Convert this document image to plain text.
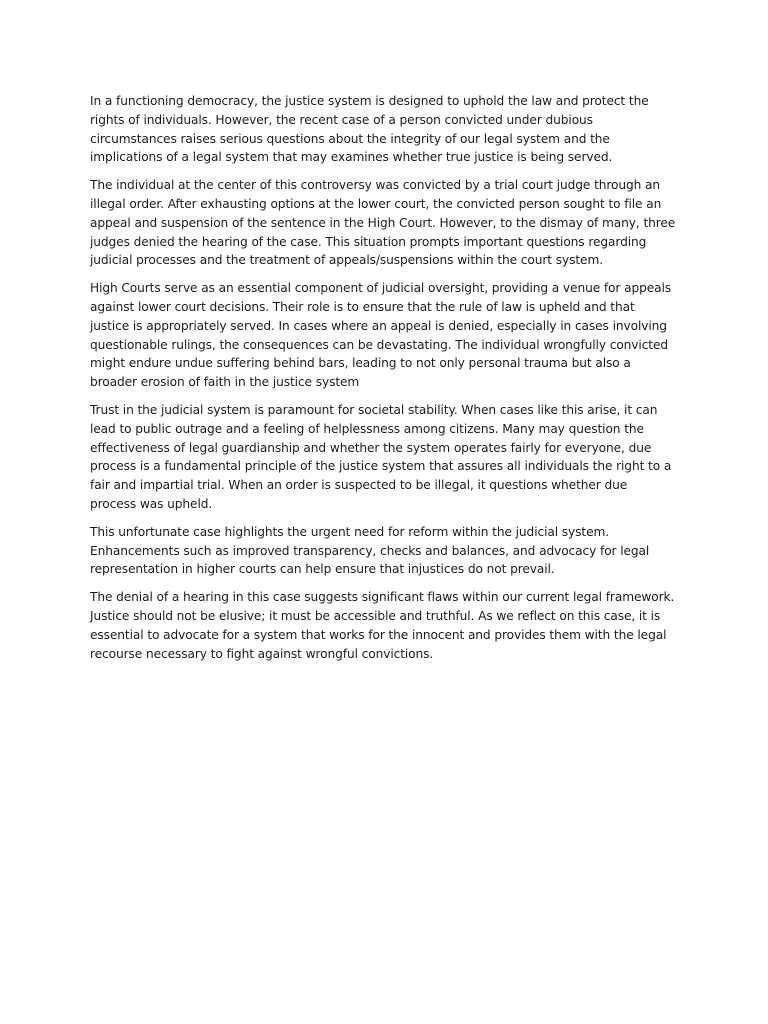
In a functioning democracy, the justice system is designed to uphold the law and protect the rights of individuals. However, the recent case of a person convicted under dubious circumstances raises serious questions about the integrity of our legal system and the implications of a legal system that may examines whether true justice is being served.

The individual at the center of this controversy was convicted by a trial court judge through an illegal order. After exhausting options at the lower court, the convicted person sought to file an appeal and suspension of the sentence in the High Court. However, to the dismay of many, three judges denied the hearing of the case. This situation prompts important questions regarding judicial processes and the treatment of appeals/suspensions within the court system.

High Courts serve as an essential component of judicial oversight, providing a venue for appeals against lower court decisions. Their role is to ensure that the rule of law is upheld and that justice is appropriately served. In cases where an appeal is denied, especially in cases involving questionable rulings, the consequences can be devastating. The individual wrongfully convicted might endure undue suffering behind bars, leading to not only personal trauma but also a broader erosion of faith in the justice system

Trust in the judicial system is paramount for societal stability. When cases like this arise, it can lead to public outrage and a feeling of helplessness among citizens. Many may question the effectiveness of legal guardianship and whether the system operates fairly for everyone, due process is a fundamental principle of the justice system that assures all individuals the right to a fair and impartial trial. When an order is suspected to be illegal, it questions whether due process was upheld.

This unfortunate case highlights the urgent need for reform within the judicial system. Enhancements such as improved transparency, checks and balances, and advocacy for legal representation in higher courts can help ensure that injustices do not prevail.

The denial of a hearing in this case suggests significant flaws within our current legal framework. Justice should not be elusive; it must be accessible and truthful. As we reflect on this case, it is essential to advocate for a system that works for the innocent and provides them with the legal recourse necessary to fight against wrongful convictions.
